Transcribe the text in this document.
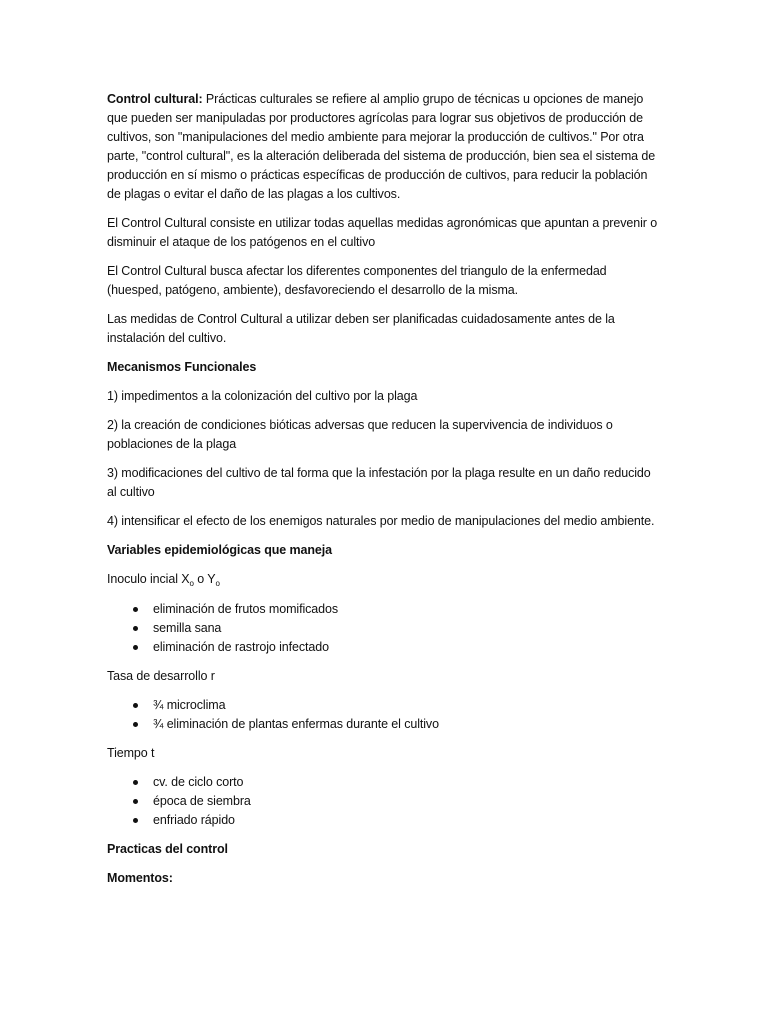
Control cultural: Prácticas culturales se refiere al amplio grupo de técnicas u opciones de manejo que pueden ser manipuladas por productores agrícolas para lograr sus objetivos de producción de cultivos, son "manipulaciones del medio ambiente para mejorar la producción de cultivos." Por otra parte, "control cultural", es la alteración deliberada del sistema de producción, bien sea el sistema de producción en sí mismo o prácticas específicas de producción de cultivos, para reducir la población de plagas o evitar el daño de las plagas a los cultivos.

El Control Cultural consiste en utilizar todas aquellas medidas agronómicas que apuntan a prevenir o disminuir el ataque de los patógenos en el cultivo

El Control Cultural busca afectar los diferentes componentes del triangulo de la enfermedad (huesped, patógeno, ambiente), desfavoreciendo el desarrollo de la misma.

Las medidas de Control Cultural a utilizar deben ser planificadas cuidadosamente antes de la instalación del cultivo.

Mecanismos Funcionales

1) impedimentos a la colonización del cultivo por la plaga

2) la creación de condiciones bióticas adversas que reducen la supervivencia de individuos o poblaciones de la plaga

3) modificaciones del cultivo de tal forma que la infestación por la plaga resulte en un daño reducido al cultivo

4) intensificar el efecto de los enemigos naturales por medio de manipulaciones del medio ambiente.

Variables epidemiológicas que maneja

Inoculo incial $X_o$ o $Y_o$

eliminación de frutos momificados
semilla sana
eliminación de rastrojo infectado

Tasa de desarrollo r

¾ microclima
¾ eliminación de plantas enfermas durante el cultivo

Tiempo t

cv. de ciclo corto
época de siembra
enfriado rápido

Practicas del control

Momentos:
